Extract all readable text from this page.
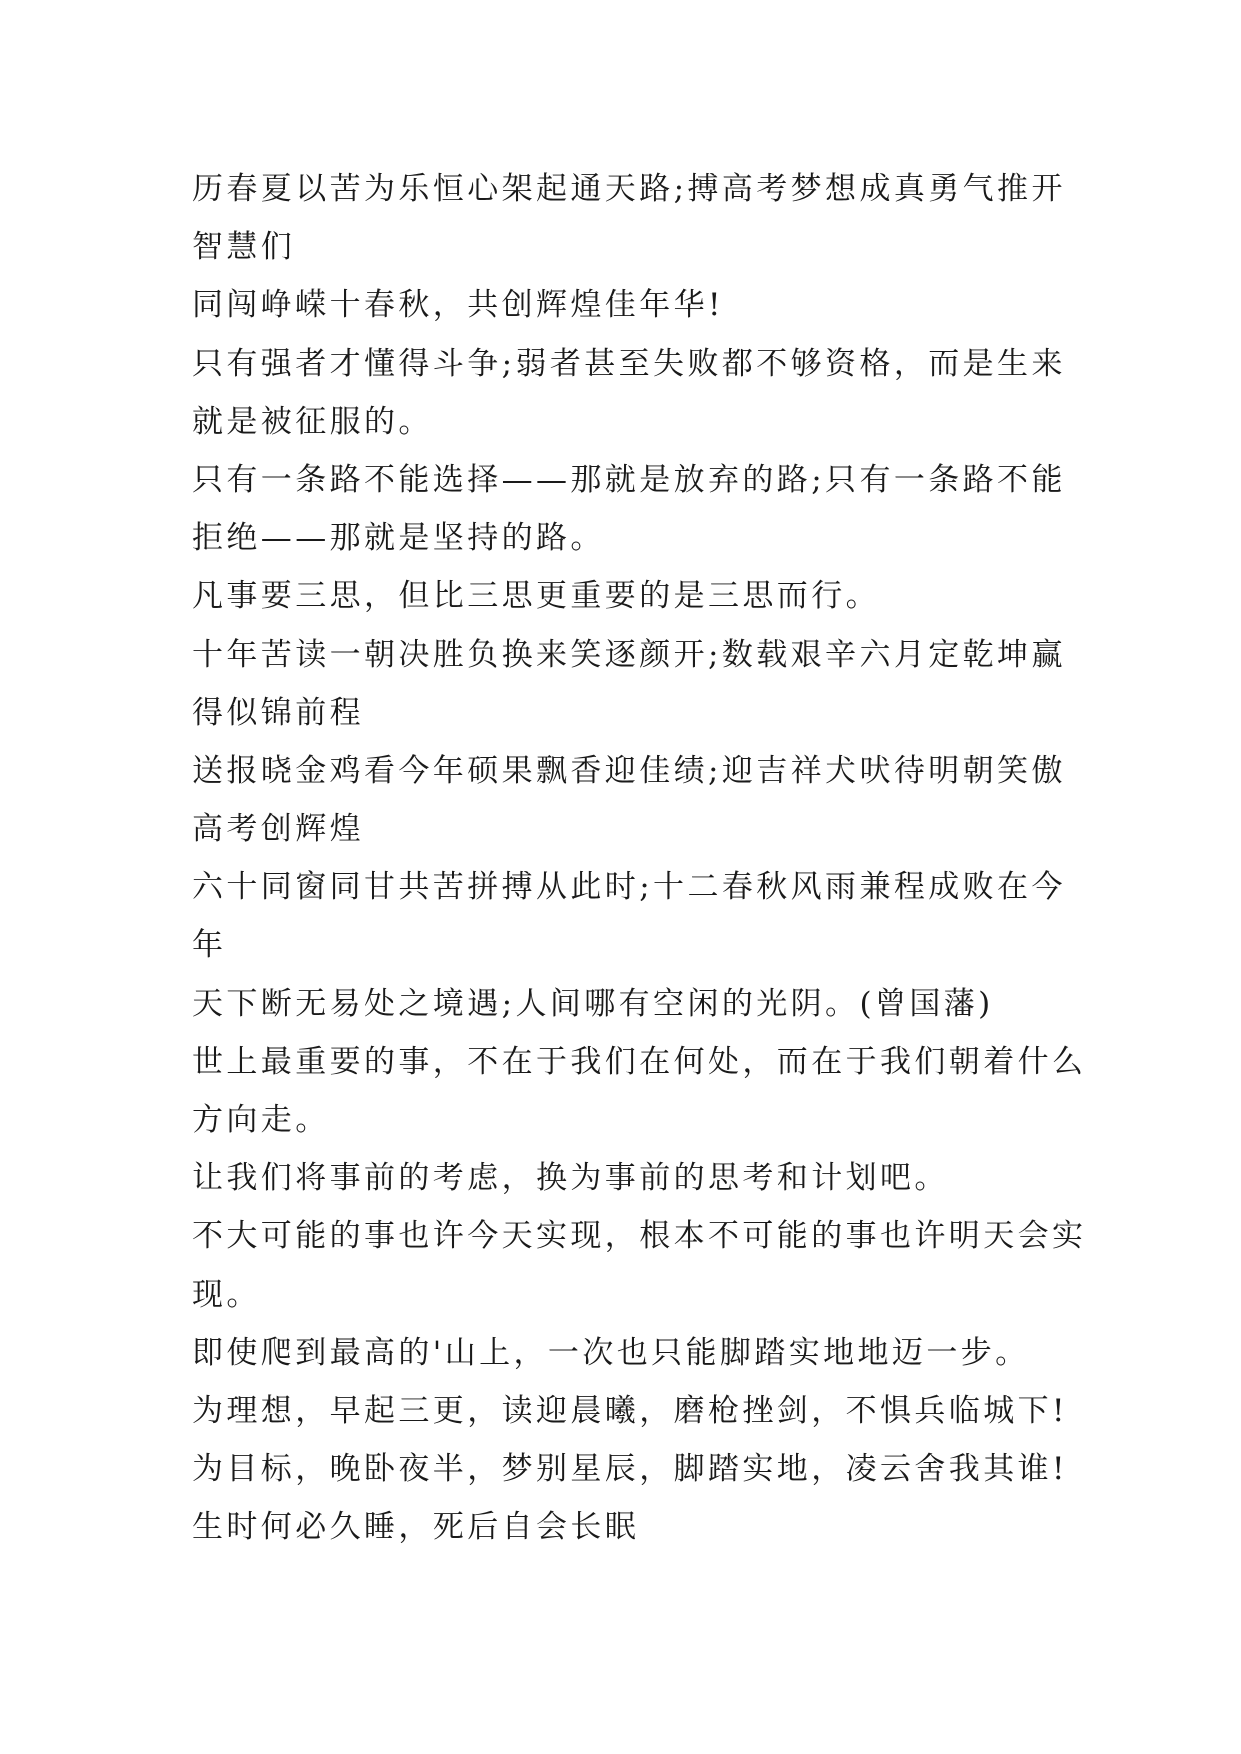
历春夏以苦为乐恒心架起通天路;搏高考梦想成真勇气推开
智慧们
同闯峥嵘十春秋，共创辉煌佳年华!
只有强者才懂得斗争;弱者甚至失败都不够资格，而是生来
就是被征服的。
只有一条路不能选择——那就是放弃的路;只有一条路不能
拒绝——那就是坚持的路。
凡事要三思，但比三思更重要的是三思而行。
十年苦读一朝决胜负换来笑逐颜开;数载艰辛六月定乾坤赢
得似锦前程
送报晓金鸡看今年硕果飘香迎佳绩;迎吉祥犬吠待明朝笑傲
高考创辉煌
六十同窗同甘共苦拼搏从此时;十二春秋风雨兼程成败在今
年
天下断无易处之境遇;人间哪有空闲的光阴。(曾国藩)
世上最重要的事，不在于我们在何处，而在于我们朝着什么
方向走。
让我们将事前的考虑，换为事前的思考和计划吧。
不大可能的事也许今天实现，根本不可能的事也许明天会实
现。
即使爬到最高的'山上，一次也只能脚踏实地地迈一步。
为理想，早起三更，读迎晨曦，磨枪挫剑，不惧兵临城下!
为目标，晚卧夜半，梦别星辰，脚踏实地，凌云舍我其谁!
生时何必久睡，死后自会长眠
